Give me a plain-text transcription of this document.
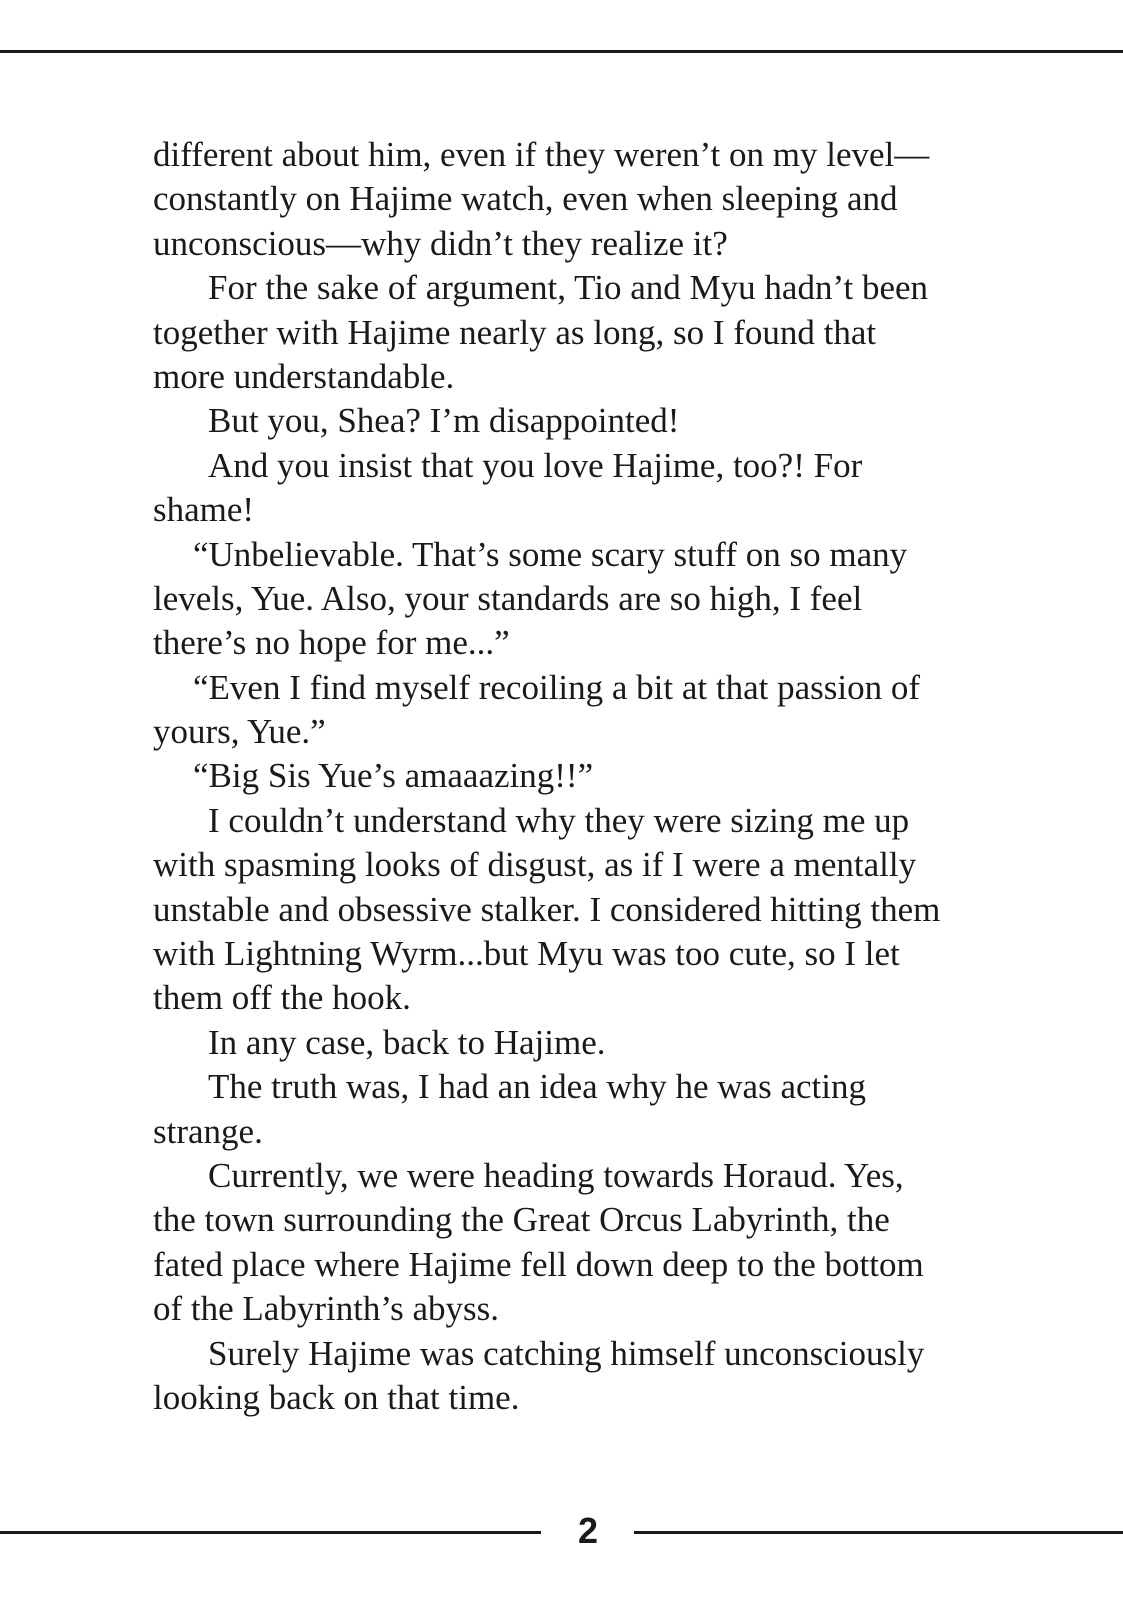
different about him, even if they weren’t on my level—
constantly on Hajime watch, even when sleeping and
unconscious—why didn’t they realize it?
For the sake of argument, Tio and Myu hadn’t been
together with Hajime nearly as long, so I found that
more understandable.
But you, Shea? I’m disappointed!
And you insist that you love Hajime, too?! For
shame!
“Unbelievable. That’s some scary stuff on so many
levels, Yue. Also, your standards are so high, I feel
there’s no hope for me...”
“Even I find myself recoiling a bit at that passion of
yours, Yue.”
“Big Sis Yue’s amaaazing!!”
I couldn’t understand why they were sizing me up
with spasming looks of disgust, as if I were a mentally
unstable and obsessive stalker. I considered hitting them
with Lightning Wyrm...but Myu was too cute, so I let
them off the hook.
In any case, back to Hajime.
The truth was, I had an idea why he was acting
strange.
Currently, we were heading towards Horaud. Yes,
the town surrounding the Great Orcus Labyrinth, the
fated place where Hajime fell down deep to the bottom
of the Labyrinth’s abyss.
Surely Hajime was catching himself unconsciously
looking back on that time.
2
